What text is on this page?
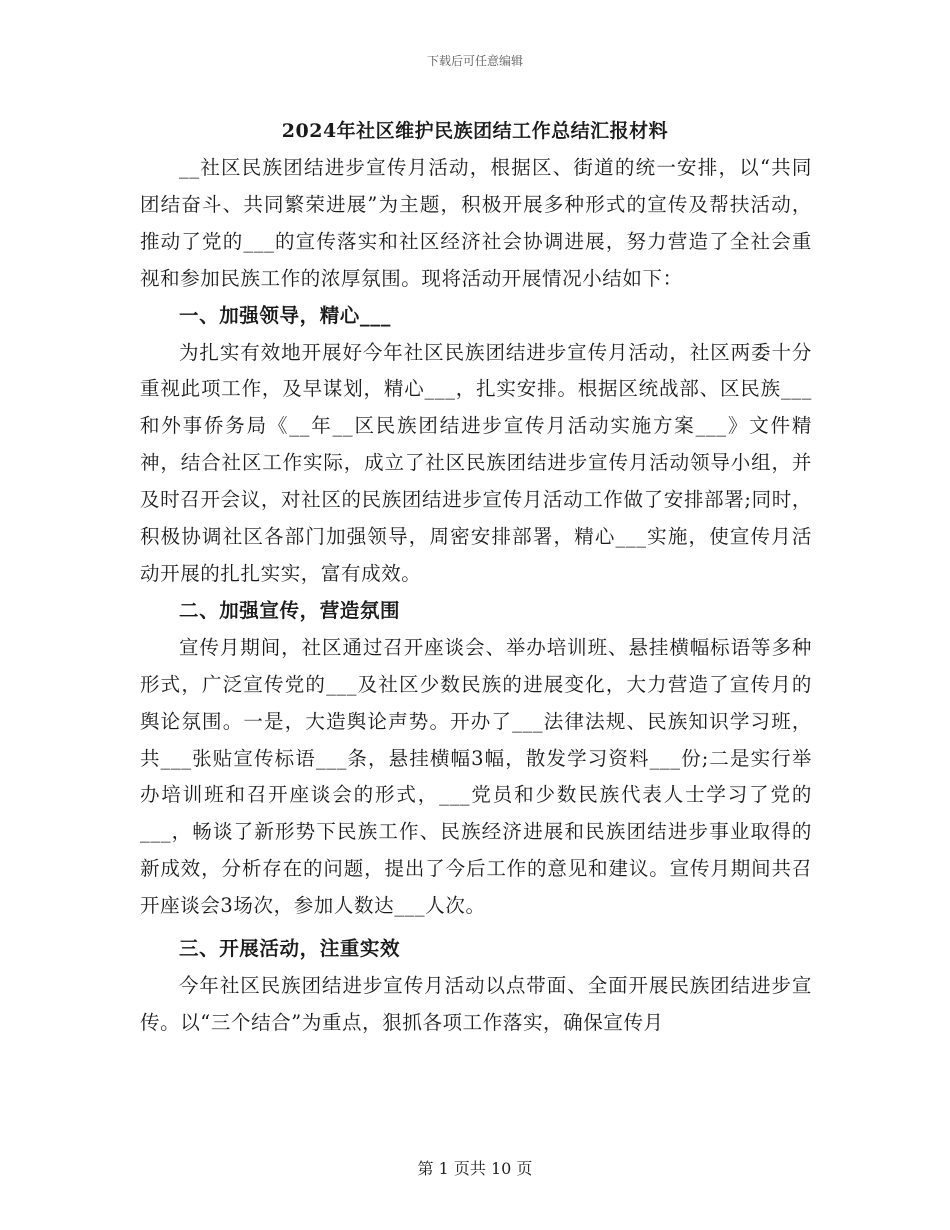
下载后可任意编辑
2024年社区维护民族团结工作总结汇报材料

__社区民族团结进步宣传月活动，根据区、街道的统一安排，以“共同团结奋斗、共同繁荣进展”为主题，积极开展多种形式的宣传及帮扶活动，推动了党的___的宣传落实和社区经济社会协调进展，努力营造了全社会重视和参加民族工作的浓厚氛围。现将活动开展情况小结如下：

一、加强领导，精心___

为扎实有效地开展好今年社区民族团结进步宣传月活动，社区两委十分重视此项工作，及早谋划，精心___，扎实安排。根据区统战部、区民族___和外事侨务局《__年__区民族团结进步宣传月活动实施方案___》文件精神，结合社区工作实际，成立了社区民族团结进步宣传月活动领导小组，并及时召开会议，对社区的民族团结进步宣传月活动工作做了安排部署;同时，积极协调社区各部门加强领导，周密安排部署，精心___实施，使宣传月活动开展的扎扎实实，富有成效。

二、加强宣传，营造氛围

宣传月期间，社区通过召开座谈会、举办培训班、悬挂横幅标语等多种形式，广泛宣传党的___及社区少数民族的进展变化，大力营造了宣传月的舆论氛围。一是，大造舆论声势。开办了___法律法规、民族知识学习班，共___张贴宣传标语___条，悬挂横幅3幅，散发学习资料___份;二是实行举办培训班和召开座谈会的形式，___党员和少数民族代表人士学习了党的___，畅谈了新形势下民族工作、民族经济进展和民族团结进步事业取得的新成效，分析存在的问题，提出了今后工作的意见和建议。宣传月期间共召开座谈会3场次，参加人数达___人次。

三、开展活动，注重实效

今年社区民族团结进步宣传月活动以点带面、全面开展民族团结进步宣传。以“三个结合”为重点，狠抓各项工作落实，确保宣传月

第 1 页共 10 页
